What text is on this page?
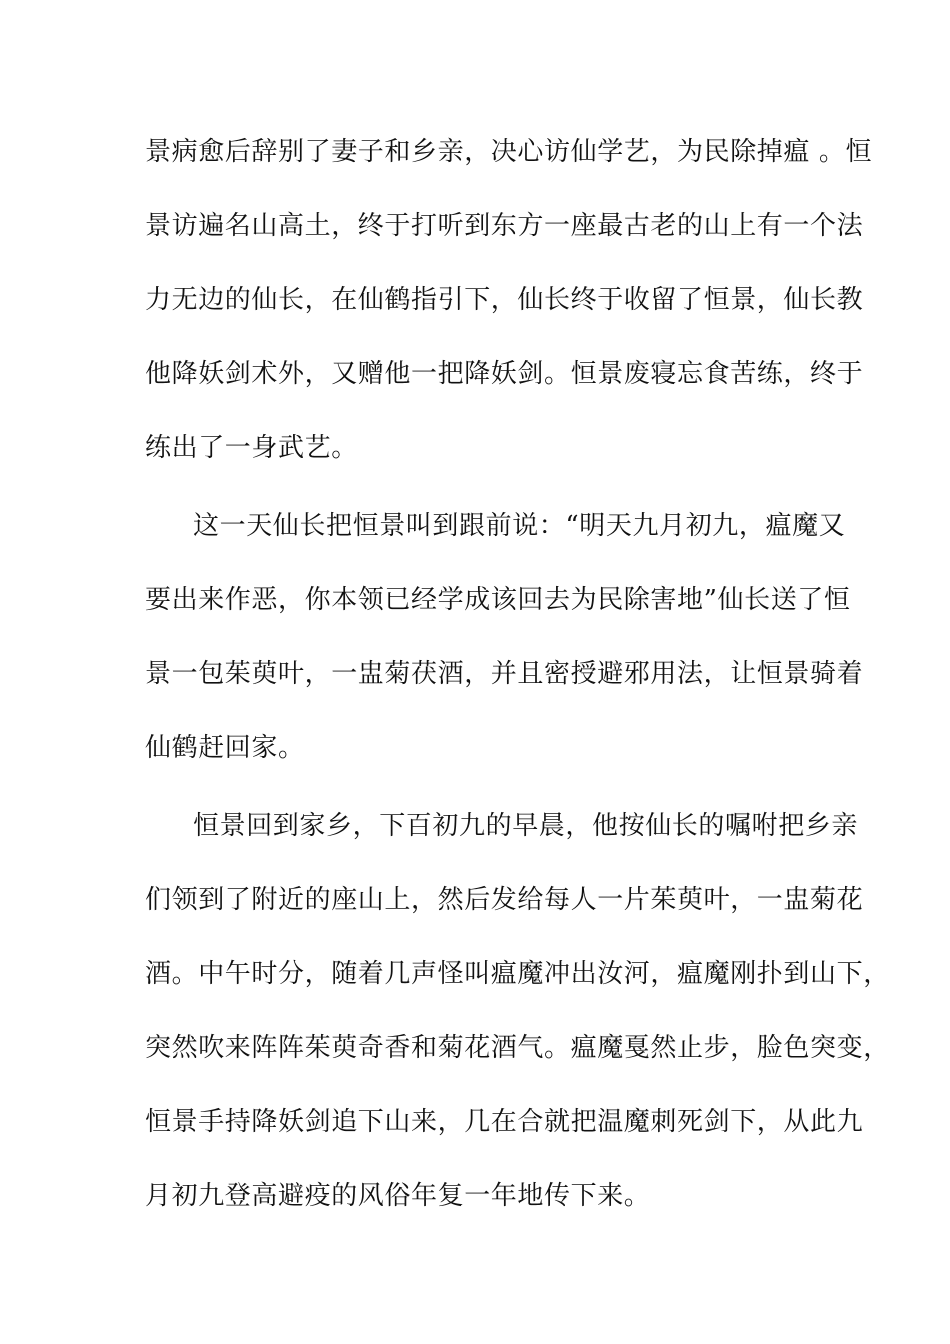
景病愈后辞别了妻子和乡亲，决心访仙学艺，为民除掉瘟 。恒
景访遍名山高土，终于打听到东方一座最古老的山上有一个法
力无边的仙长，在仙鹤指引下，仙长终于收留了恒景，仙长教
他降妖剑术外，又赠他一把降妖剑。恒景废寝忘食苦练，终于
练出了一身武艺。
这一天仙长把恒景叫到跟前说：“明天九月初九，瘟魔又
要出来作恶，你本领已经学成该回去为民除害地”仙长送了恒
景一包茱萸叶，一盅菊茯酒，并且密授避邪用法，让恒景骑着
仙鹤赶回家。
恒景回到家乡，下百初九的早晨，他按仙长的嘱咐把乡亲
们领到了附近的座山上，然后发给每人一片茱萸叶，一盅菊花
酒。中午时分，随着几声怪叫瘟魔冲出汝河，瘟魔刚扑到山下，
突然吹来阵阵茱萸奇香和菊花酒气。瘟魔戛然止步，脸色突变，
恒景手持降妖剑追下山来，几在合就把温魔刺死剑下，从此九
月初九登高避疫的风俗年复一年地传下来。
